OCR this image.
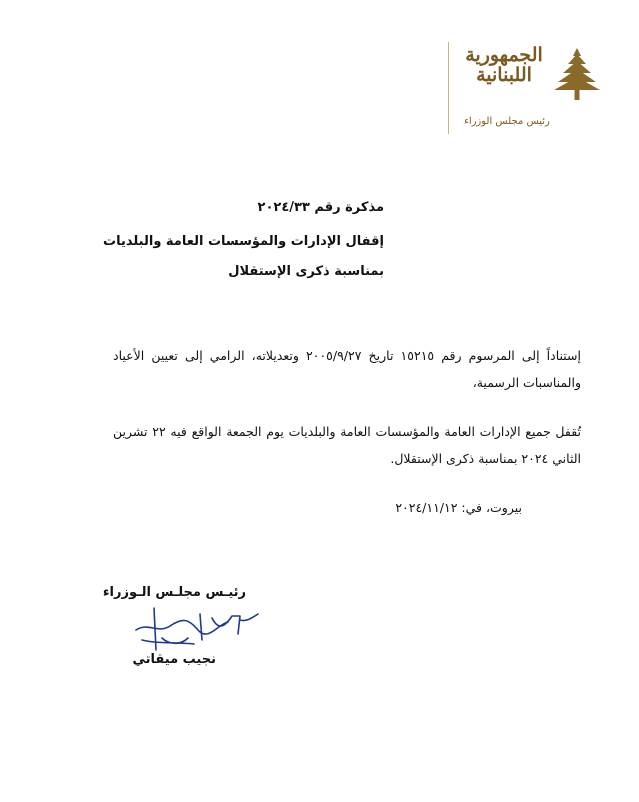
الجمهورية
اللبنانية
رئيس مجلس الوزراء
مذكرة رقم ٢٠٢٤/٣٣
إقفال الإدارات والمؤسسات العامة والبلديات
بمناسبة ذكرى الإستقلال
إستناداً إلى المرسوم رقم ١٥٢١٥ تاريخ ٢٠٠٥/٩/٢٧ وتعديلاته، الرامي إلى تعيين الأعياد والمناسبات الرسمية،
تُقفل جميع الإدارات العامة والمؤسسات العامة والبلديات يوم الجمعة الواقع فيه ٢٢ تشرين الثاني ٢٠٢٤ بمناسبة ذكرى الإستقلال.
بيروت، في: ٢٠٢٤/١١/١٢
رئيـس مجلـس الـوزراء
نجيب ميقاتي
